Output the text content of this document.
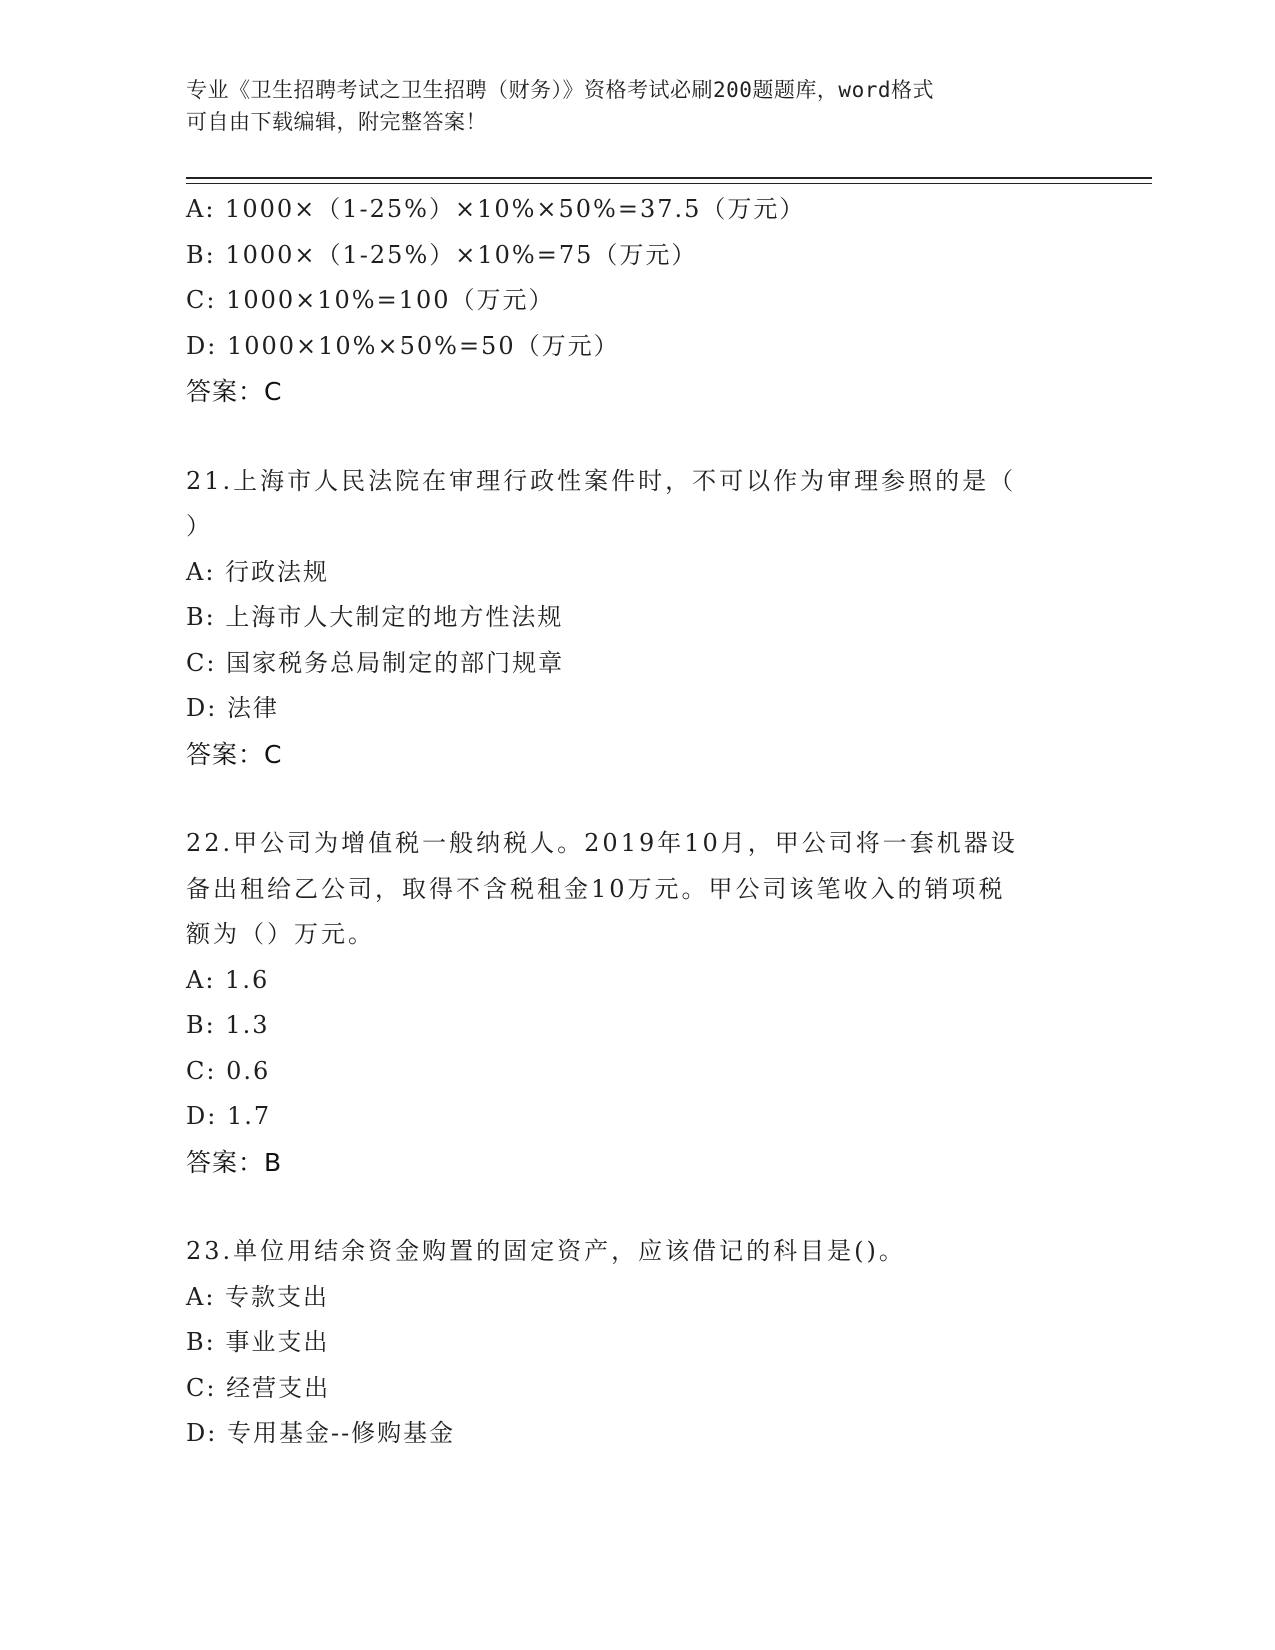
专业《卫生招聘考试之卫生招聘（财务）》资格考试必刷200题题库，word格式
可自由下载编辑，附完整答案！
A: 1000×（1-25%）×10%×50%=37.5（万元）
B: 1000×（1-25%）×10%=75（万元）
C: 1000×10%=100（万元）
D: 1000×10%×50%=50（万元）
答案：C
21.上海市人民法院在审理行政性案件时，不可以作为审理参照的是（
）
A: 行政法规
B: 上海市人大制定的地方性法规
C: 国家税务总局制定的部门规章
D: 法律
答案：C
22.甲公司为增值税一般纳税人。2019年10月，甲公司将一套机器设
备出租给乙公司，取得不含税租金10万元。甲公司该笔收入的销项税
额为（）万元。
A: 1.6
B: 1.3
C: 0.6
D: 1.7
答案：B
23.单位用结余资金购置的固定资产，应该借记的科目是()。
A: 专款支出
B: 事业支出
C: 经营支出
D: 专用基金--修购基金
